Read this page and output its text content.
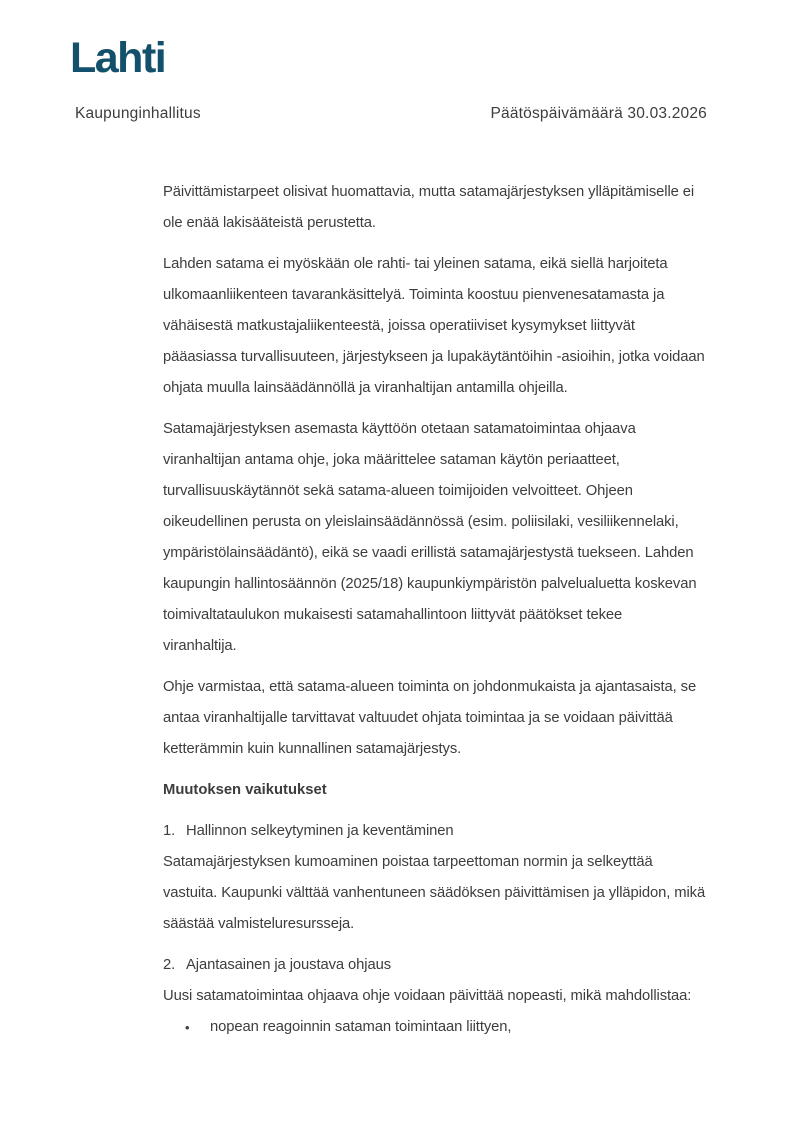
Lahti
Kaupunginhallitus	Päätöspäivämäärä 30.03.2026
Päivittämistarpeet olisivat huomattavia, mutta satamajärjestyksen ylläpitämiselle ei
ole enää lakisääteistä perustetta.
Lahden satama ei myöskään ole rahti- tai yleinen satama, eikä siellä harjoiteta
ulkomaanliikenteen tavarankäsittelyä. Toiminta koostuu pienvenesatamasta ja
vähäisestä matkustajaliikenteestä, joissa operatiiviset kysymykset liittyvät
pääasiassa turvallisuuteen, järjestykseen ja lupakäytäntöihin -asioihin, jotka voidaan
ohjata muulla lainsäädännöllä ja viranhaltijan antamilla ohjeilla.
Satamajärjestyksen asemasta käyttöön otetaan satamatoimintaa ohjaava
viranhaltijan antama ohje, joka määrittelee sataman käytön periaatteet,
turvallisuuskäytännöt sekä satama-alueen toimijoiden velvoitteet. Ohjeen
oikeudellinen perusta on yleislainsäädännössä (esim. poliisilaki, vesiliikennelaki,
ympäristölainsäädäntö), eikä se vaadi erillistä satamajärjestystä tuekseen. Lahden
kaupungin hallintosäännön (2025/18) kaupunkiympäristön palvelualuetta koskevan
toimivaltataulukon mukaisesti satamahallintoon liittyvät päätökset tekee
viranhaltija.
Ohje varmistaa, että satama-alueen toiminta on johdonmukaista ja ajantasaista, se
antaa viranhaltijalle tarvittavat valtuudet ohjata toimintaa ja se voidaan päivittää
ketterämmin kuin kunnallinen satamajärjestys.
Muutoksen vaikutukset
1. Hallinnon selkeytyminen ja keventäminen
Satamajärjestyksen kumoaminen poistaa tarpeettoman normin ja selkeyttää
vastuita. Kaupunki välttää vanhentuneen säädöksen päivittämisen ja ylläpidon, mikä
säästää valmisteluresursseja.
2. Ajantasainen ja joustava ohjaus
Uusi satamatoimintaa ohjaava ohje voidaan päivittää nopeasti, mikä mahdollistaa:
•	nopean reagoinnin sataman toimintaan liittyen,
